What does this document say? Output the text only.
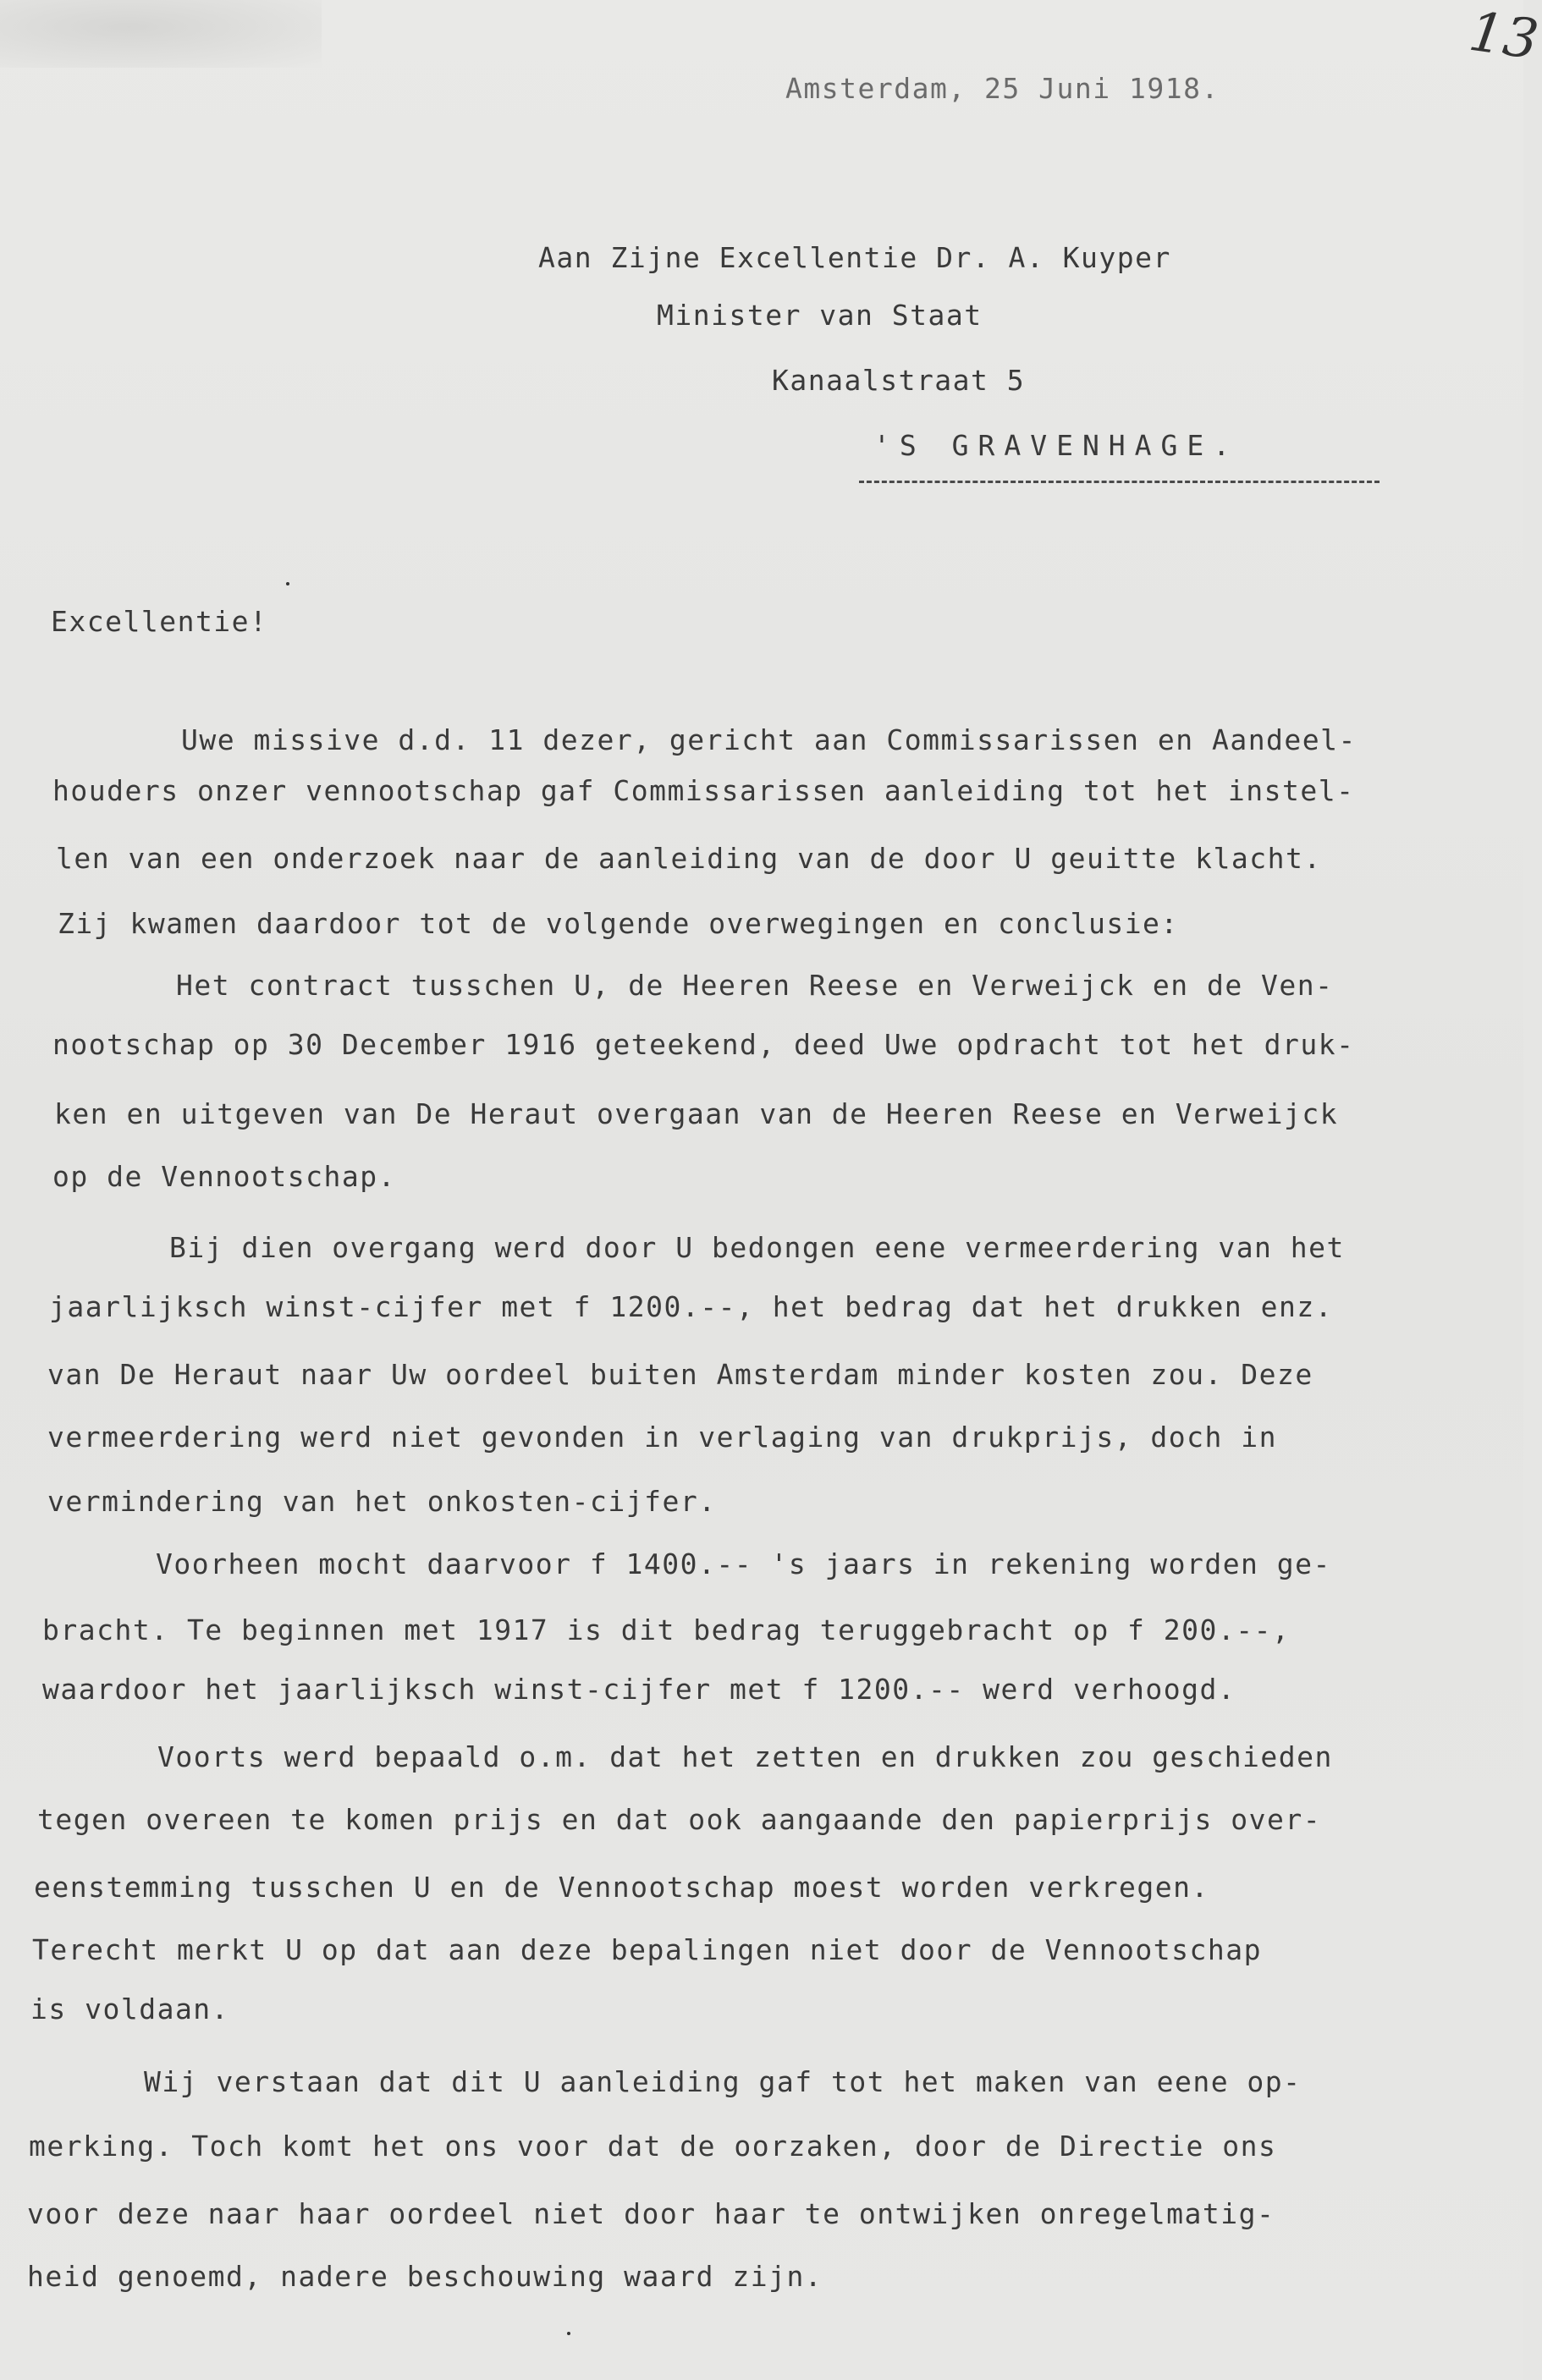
13

Amsterdam, 25 Juni 1918.

Aan Zijne Excellentie Dr. A. Kuyper

Minister van Staat

Kanaalstraat 5

'S GRAVENHAGE.

Excellentie!

Uwe missive d.d. 11 dezer, gericht aan Commissarissen en Aandeel-

houders onzer vennootschap gaf Commissarissen aanleiding tot het instel-

len van een onderzoek naar de aanleiding van de door U geuitte klacht.

Zij kwamen daardoor tot de volgende overwegingen en conclusie:

Het contract tusschen U, de Heeren Reese en Verweijck en de Ven-

nootschap op 30 December 1916 geteekend, deed Uwe opdracht tot het druk-

ken en uitgeven van De Heraut overgaan van de Heeren Reese en Verweijck

op de Vennootschap.

Bij dien overgang werd door U bedongen eene vermeerdering van het

jaarlijksch winst-cijfer met f 1200.--, het bedrag dat het drukken enz.

van De Heraut naar Uw oordeel buiten Amsterdam minder kosten zou. Deze

vermeerdering werd niet gevonden in verlaging van drukprijs, doch in

vermindering van het onkosten-cijfer.

Voorheen mocht daarvoor f 1400.-- 's jaars in rekening worden ge-

bracht. Te beginnen met 1917 is dit bedrag teruggebracht op f 200.--,

waardoor het jaarlijksch winst-cijfer met f 1200.-- werd verhoogd.

Voorts werd bepaald o.m. dat het zetten en drukken zou geschieden

tegen overeen te komen prijs en dat ook aangaande den papierprijs over-

eenstemming tusschen U en de Vennootschap moest worden verkregen.

Terecht merkt U op dat aan deze bepalingen niet door de Vennootschap

is voldaan.

Wij verstaan dat dit U aanleiding gaf tot het maken van eene op-

merking. Toch komt het ons voor dat de oorzaken, door de Directie ons

voor deze naar haar oordeel niet door haar te ontwijken onregelmatig-

heid genoemd, nadere beschouwing waard zijn.
